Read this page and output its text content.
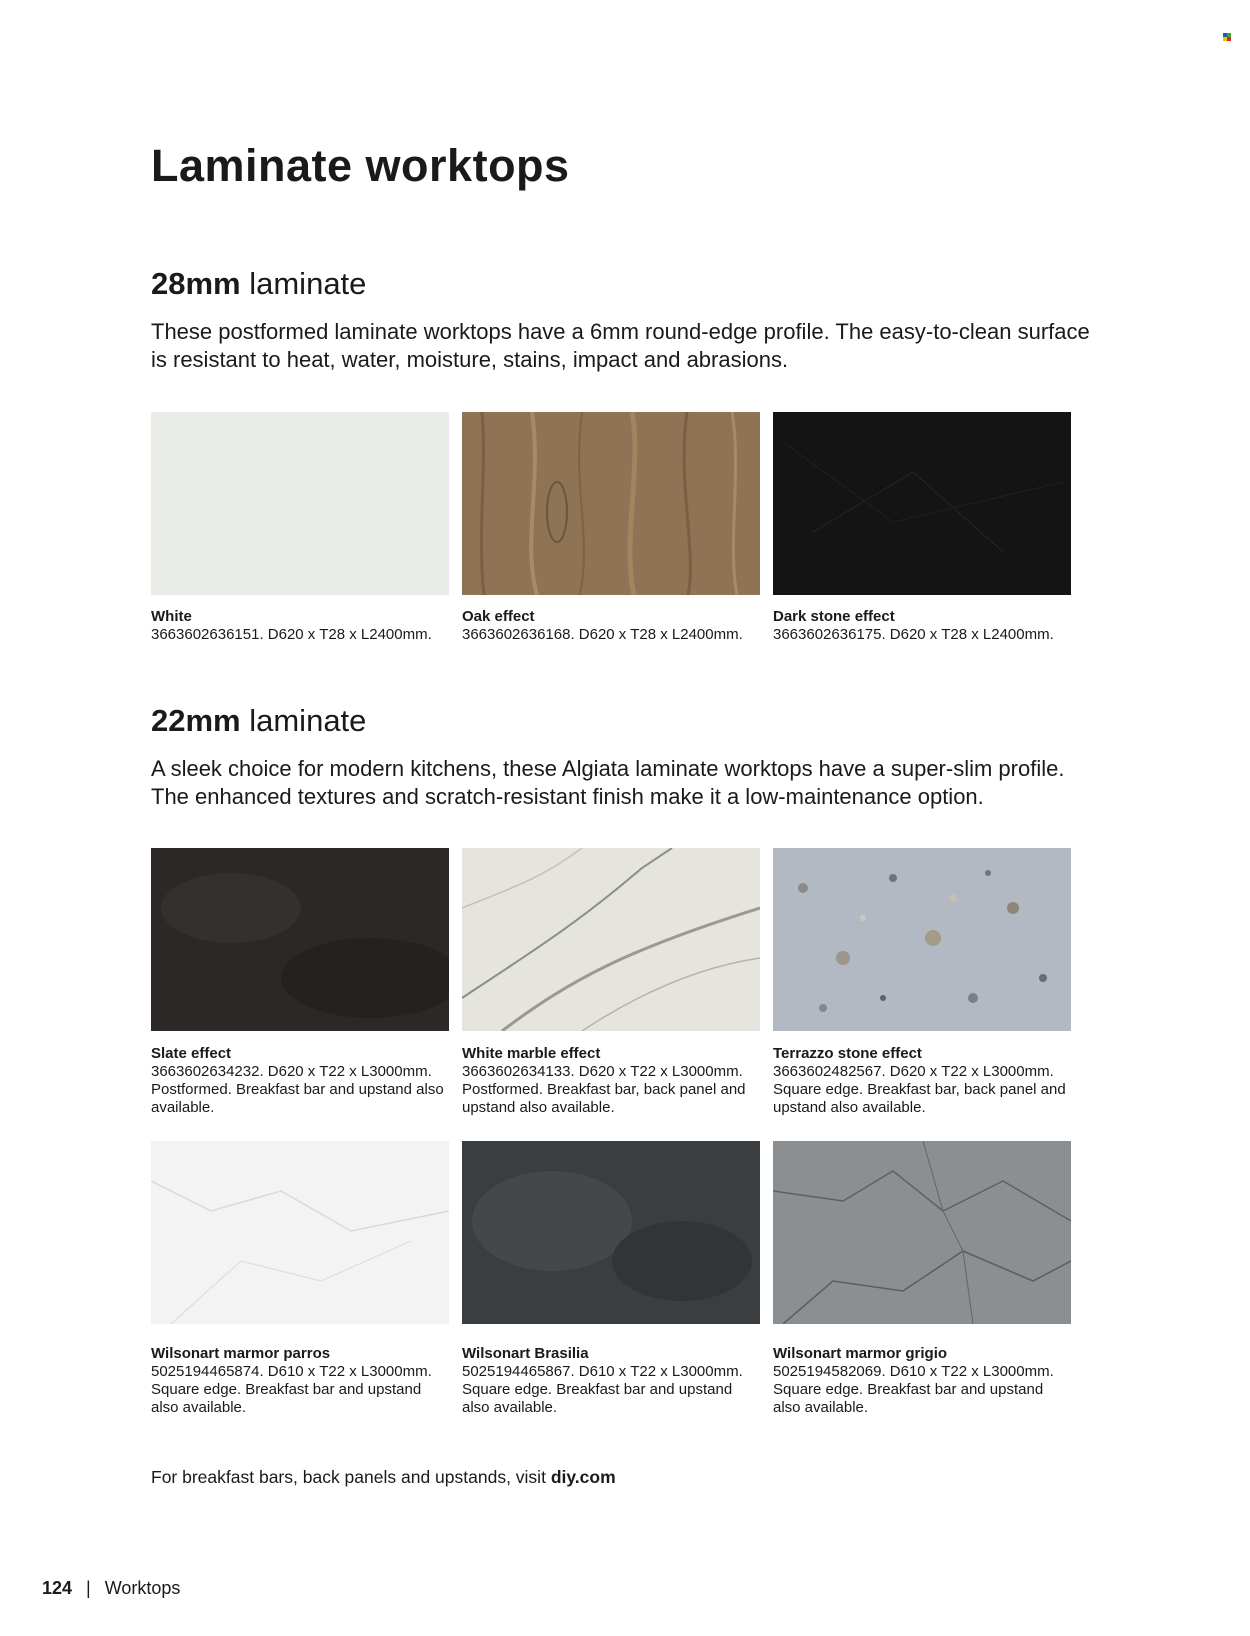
Laminate worktops
28mm laminate

These postformed laminate worktops have a 6mm round-edge profile. The easy-to-clean surface is resistant to heat, water, moisture, stains, impact and abrasions.

White
3663602636151. D620 x T28 x L2400mm.
Oak effect
3663602636168. D620 x T28 x L2400mm.
Dark stone effect
3663602636175. D620 x T28 x L2400mm.
22mm laminate

A sleek choice for modern kitchens, these Algiata laminate worktops have a super-slim profile. The enhanced textures and scratch-resistant finish make it a low-maintenance option.

Slate effect
3663602634232. D620 x T22 x L3000mm. Postformed. Breakfast bar and upstand also available.
White marble effect
3663602634133. D620 x T22 x L3000mm. Postformed. Breakfast bar, back panel and upstand also available.
Terrazzo stone effect
3663602482567. D620 x T22 x L3000mm. Square edge. Breakfast bar, back panel and upstand also available.
Wilsonart marmor parros
5025194465874. D610 x T22 x L3000mm. Square edge. Breakfast bar and upstand also available.
Wilsonart Brasilia
5025194465867. D610 x T22 x L3000mm. Square edge. Breakfast bar and upstand also available.
Wilsonart marmor grigio
5025194582069. D610 x T22 x L3000mm. Square edge. Breakfast bar and upstand also available.
For breakfast bars, back panels and upstands, visit diy.com
124 | Worktops
